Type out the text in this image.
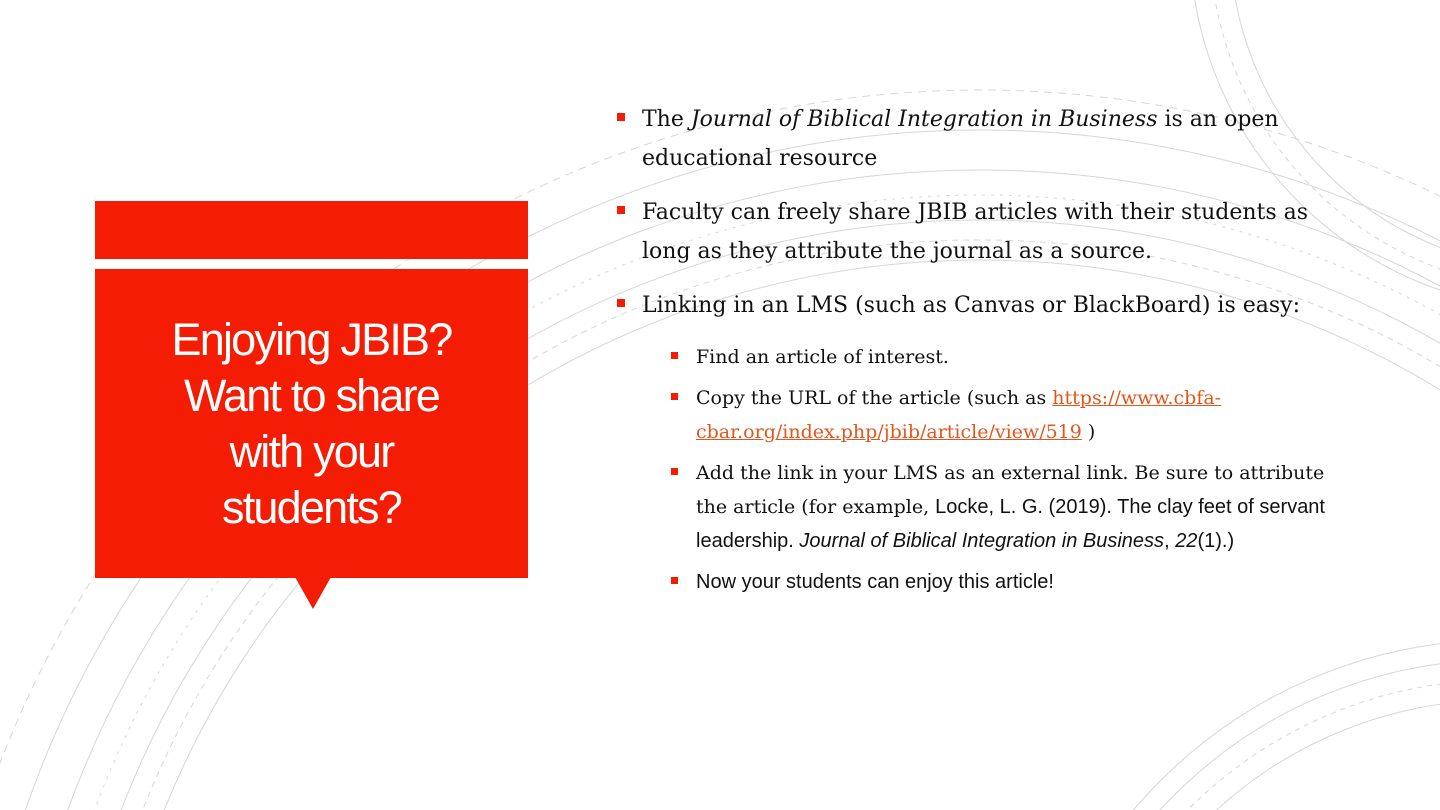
Enjoying JBIB?
Want to share
with your
students?
The Journal of Biblical Integration in Business is an open educational resource
Faculty can freely share JBIB articles with their students as long as they attribute the journal as a source.
Linking in an LMS (such as Canvas or BlackBoard) is easy:
Find an article of interest.
Copy the URL of the article (such as https://www.cbfa-cbar.org/index.php/jbib/article/view/519 )
Add the link in your LMS as an external link. Be sure to attribute the article (for example, Locke, L. G. (2019). The clay feet of servant leadership. Journal of Biblical Integration in Business, 22(1).)
Now your students can enjoy this article!
